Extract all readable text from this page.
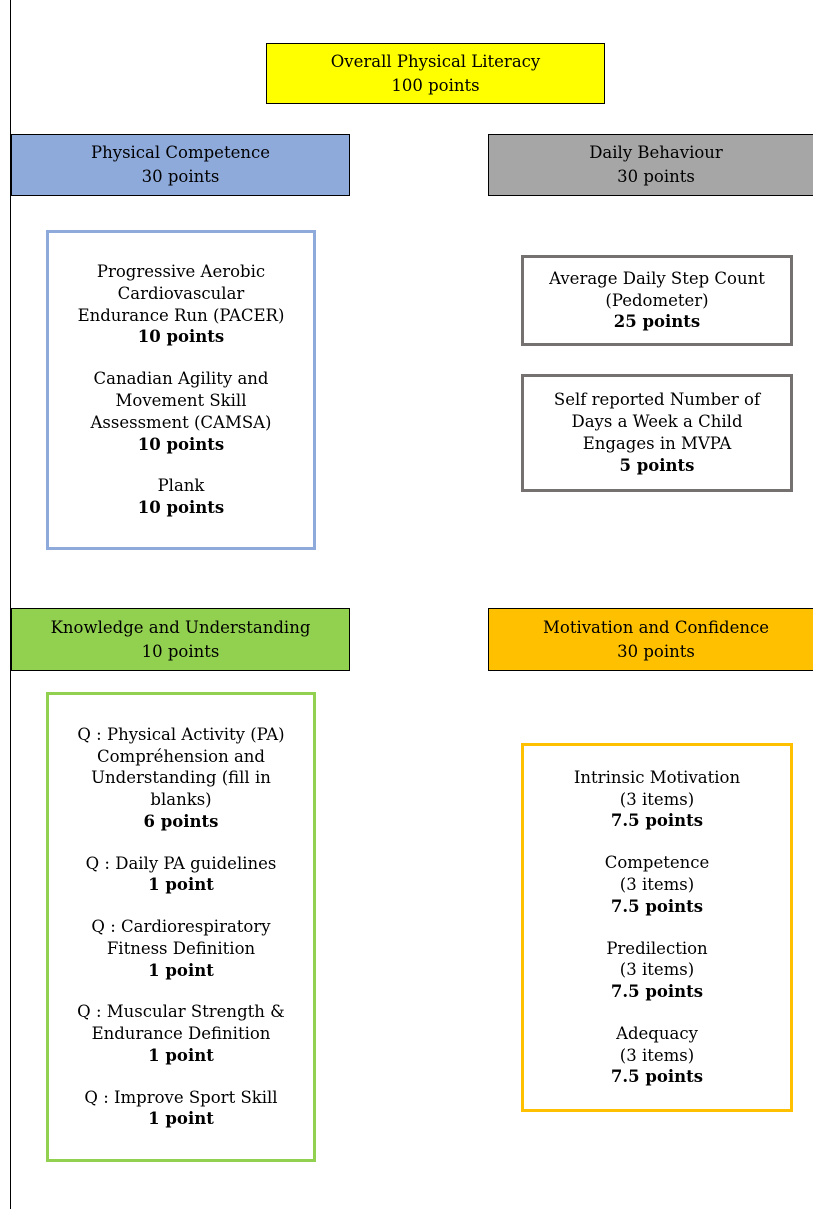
Overall Physical Literacy
100 points
Physical Competence
30 points
Daily Behaviour
30 points
Progressive Aerobic
Cardiovascular
Endurance Run (PACER)
10 points
Canadian Agility and
Movement Skill
Assessment (CAMSA)
10 points
Plank
10 points
Average Daily Step Count
(Pedometer)
25 points
Self reported Number of
Days a Week a Child
Engages in MVPA
5 points
Knowledge and Understanding
10 points
Motivation and Confidence
30 points
Q : Physical Activity (PA)
Compréhension and
Understanding (fill in
blanks)
6 points
Q : Daily PA guidelines
1 point
Q : Cardiorespiratory
Fitness Definition
1 point
Q : Muscular Strength &
Endurance Definition
1 point
Q : Improve Sport Skill
1 point
Intrinsic Motivation
(3 items)
7.5 points
Competence
(3 items)
7.5 points
Predilection
(3 items)
7.5 points
Adequacy
(3 items)
7.5 points
